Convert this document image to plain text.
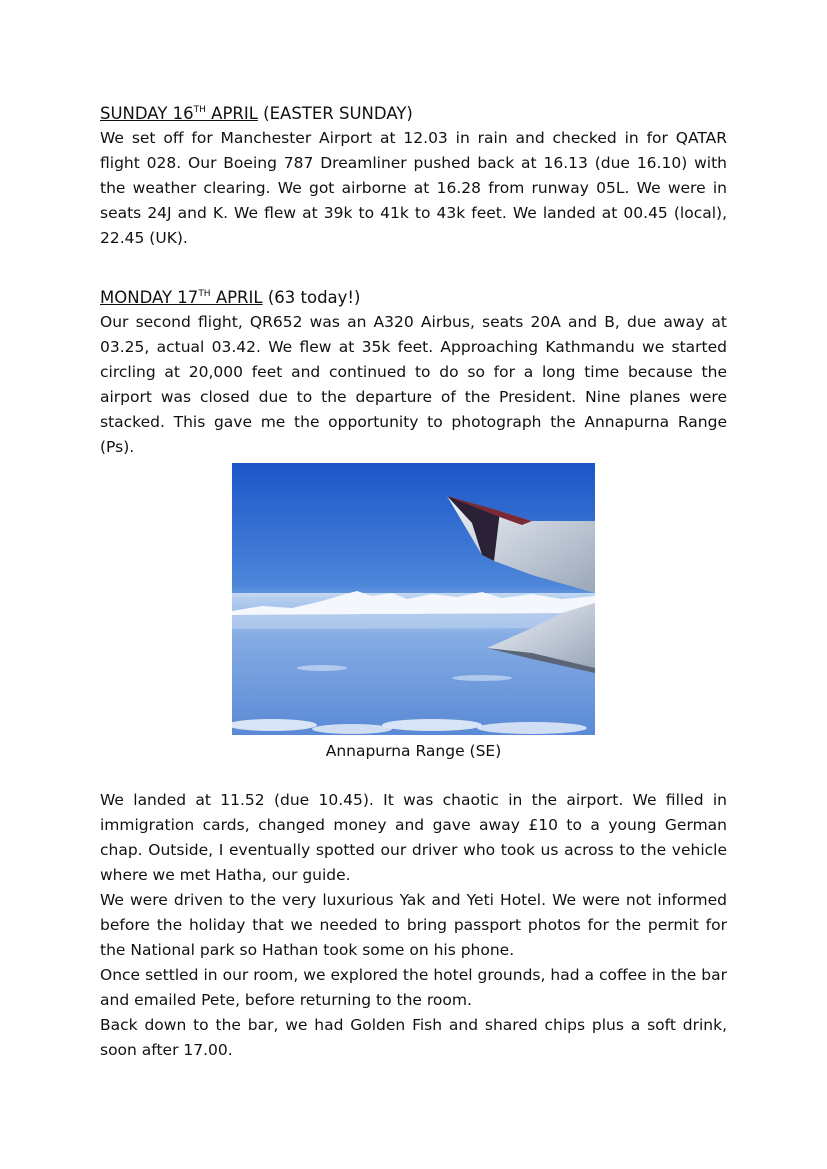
SUNDAY 16TH APRIL (EASTER SUNDAY)

We set off for Manchester Airport at 12.03 in rain and checked in for QATAR flight 028. Our Boeing 787 Dreamliner pushed back at 16.13 (due 16.10) with the weather clearing. We got airborne at 16.28 from runway 05L. We were in seats 24J and K. We flew at 39k to 41k to 43k feet. We landed at 00.45 (local), 22.45 (UK).

MONDAY 17TH APRIL (63 today!)

Our second flight, QR652 was an A320 Airbus, seats 20A and B, due away at 03.25, actual 03.42. We flew at 35k feet. Approaching Kathmandu we started circling at 20,000 feet and continued to do so for a long time because the airport was closed due to the departure of the President. Nine planes were stacked. This gave me the opportunity to photograph the Annapurna Range (Ps).

Annapurna Range (SE)

We landed at 11.52 (due 10.45). It was chaotic in the airport. We filled in immigration cards, changed money and gave away £10 to a young German chap. Outside, I eventually spotted our driver who took us across to the vehicle where we met Hatha, our guide.

We were driven to the very luxurious Yak and Yeti Hotel. We were not informed before the holiday that we needed to bring passport photos for the permit for the National park so Hathan took some on his phone.

Once settled in our room, we explored the hotel grounds, had a coffee in the bar and emailed Pete, before returning to the room.

Back down to the bar, we had Golden Fish and shared chips plus a soft drink, soon after 17.00.
